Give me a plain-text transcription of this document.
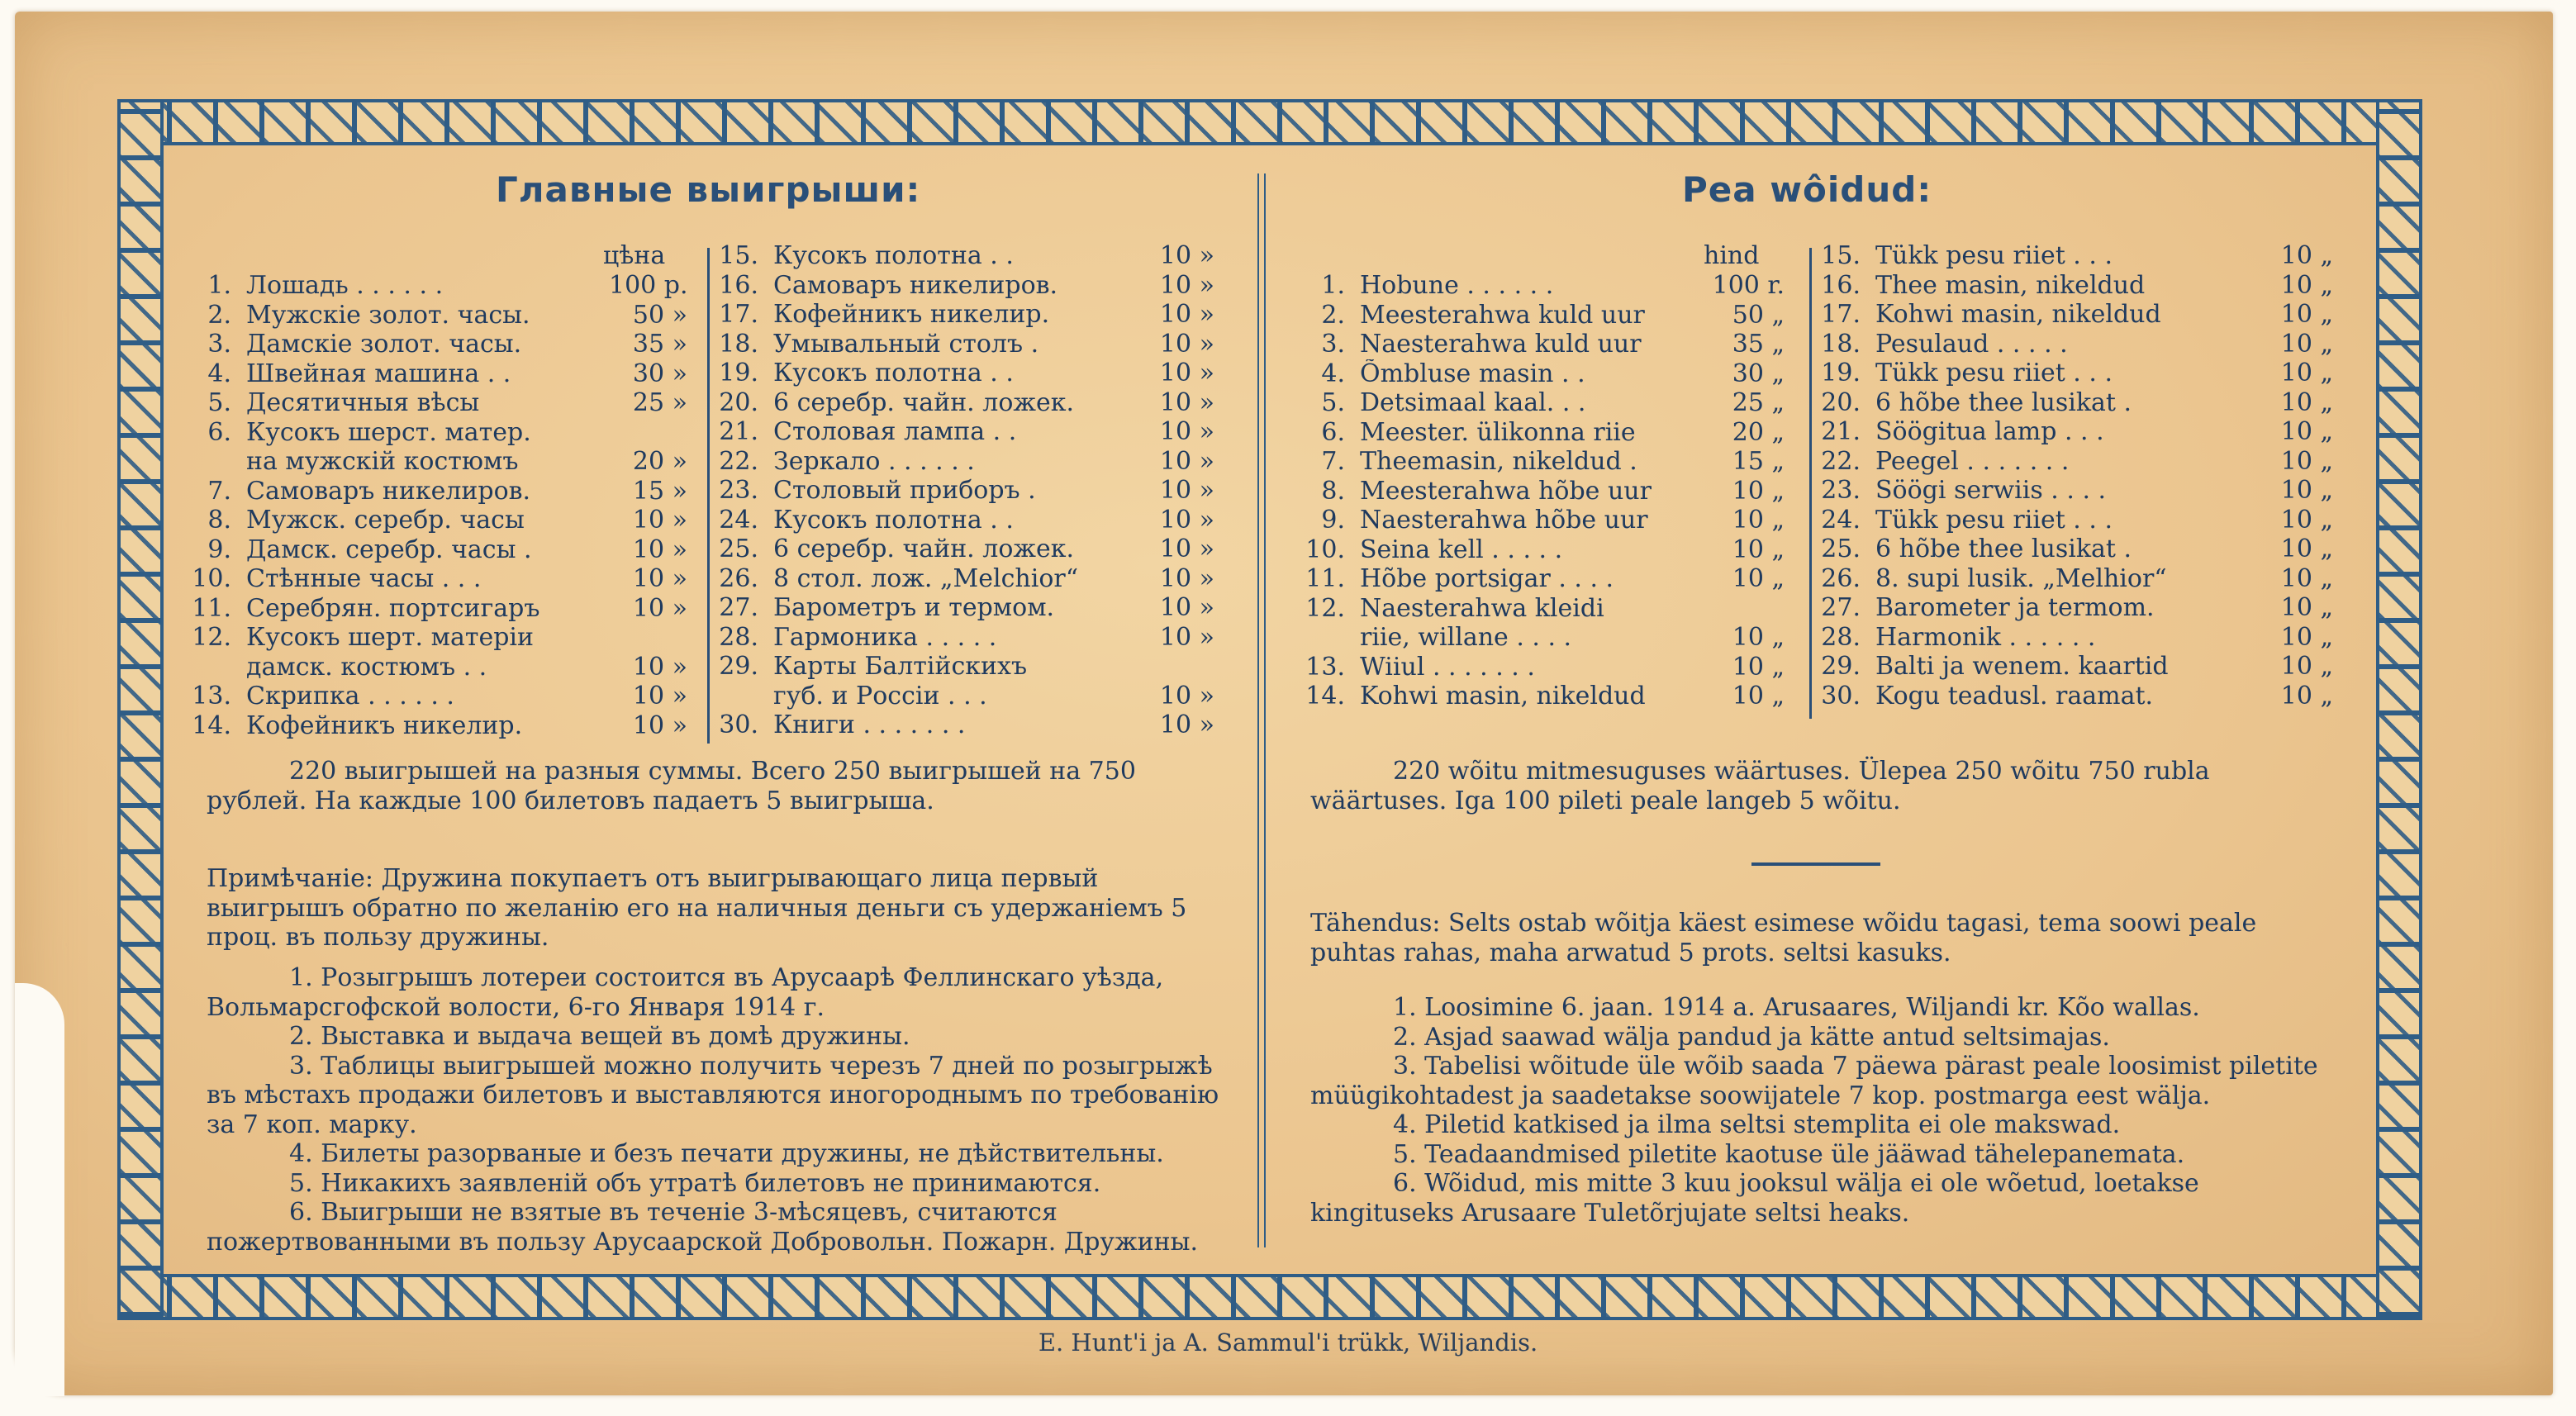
Главные выигрыши:
цѣна
1. Лошадь . . . . . .	100 р.
2. Мужскіе золот. часы.	50 »
3. Дамскіе золот. часы.	35 »
4. Швейная машина . .	30 »
5. Десятичныя вѣсы	25 »
6. Кусокъ шерст. матер.
на мужскій костюмъ	20 »
7. Самоваръ никелиров.	15 »
8. Мужск. серебр. часы	10 »
9. Дамск. серебр. часы .	10 »
10. Стѣнные часы . . .	10 »
11. Серебрян. портсигаръ	10 »
12. Кусокъ шерт. матеріи
дамск. костюмъ . .	10 »
13. Скрипка . . . . . .	10 »
14. Кофейникъ никелир.	10 »
15. Кусокъ полотна . .	10 »
16. Самоваръ никелиров.	10 »
17. Кофейникъ никелир.	10 »
18. Умывальный столъ .	10 »
19. Кусокъ полотна . .	10 »
20. 6 серебр. чайн. ложек.	10 »
21. Столовая лампа . .	10 »
22. Зеркало . . . . . .	10 »
23. Столовый приборъ .	10 »
24. Кусокъ полотна . .	10 »
25. 6 серебр. чайн. ложек.	10 »
26. 8 стол. лож. „Melchior“	10 »
27. Барометръ и термом.	10 »
28. Гармоника . . . . .	10 »
29. Карты Балтійскихъ
губ. и Россіи . . .	10 »
30. Книги . . . . . . .	10 »
220 выигрышей на разныя суммы. Всего 250 выигрышей на 750 рублей. На каждые 100 билетовъ падаетъ 5 выигрыша.
Примѣчаніе: Дружина покупаетъ отъ выигрывающаго лица первый выигрышъ обратно по желанію его на наличныя деньги съ удержаніемъ 5 проц. въ пользу дружины.

1. Розыгрышъ лотереи состоится въ Арусаарѣ Феллинскаго уѣзда, Вольмарсгофской волости, 6-го Января 1914 г.

2. Выставка и выдача вещей въ домѣ дружины.

3. Таблицы выигрышей можно получить черезъ 7 дней по розыгрыжѣ въ мѣстахъ продажи билетовъ и выставляются иногороднымъ по требованію за 7 коп. марку.

4. Билеты разорваные и безъ печати дружины, не дѣйствительны.

5. Никакихъ заявленій объ утратѣ билетовъ не принимаются.

6. Выигрыши не взятые въ теченіе 3-мѣсяцевъ, считаются пожертвованными въ пользу Арусаарской Добровольн. Пожарн. Дружины.

Pea wôidud:
hind
1. Hobune . . . . . .	100 r.
2. Meesterahwa kuld uur	50 „
3. Naesterahwa kuld uur	35 „
4. Õmbluse masin . .	30 „
5. Detsimaal kaal. . .	25 „
6. Meester. ülikonna riie	20 „
7. Theemasin, nikeldud .	15 „
8. Meesterahwa hõbe uur	10 „
9. Naesterahwa hõbe uur	10 „
10. Seina kell . . . . .	10 „
11. Hõbe portsigar . . . .	10 „
12. Naesterahwa kleidi
riie, willane . . . .	10 „
13. Wiiul . . . . . . .	10 „
14. Kohwi masin, nikeldud	10 „
15. Tükk pesu riiet . . .	10 „
16. Thee masin, nikeldud	10 „
17. Kohwi masin, nikeldud	10 „
18. Pesulaud . . . . .	10 „
19. Tükk pesu riiet . . .	10 „
20. 6 hõbe thee lusikat .	10 „
21. Söögitua lamp . . .	10 „
22. Peegel . . . . . . .	10 „
23. Söögi serwiis . . . .	10 „
24. Tükk pesu riiet . . .	10 „
25. 6 hõbe thee lusikat .	10 „
26. 8. supi lusik. „Melhior“	10 „
27. Barometer ja termom.	10 „
28. Harmonik . . . . . .	10 „
29. Balti ja wenem. kaartid	10 „
30. Kogu teadusl. raamat.	10 „
220 wõitu mitmesuguses wäärtuses. Ülepea 250 wõitu 750 rubla wäärtuses. Iga 100 pileti peale langeb 5 wõitu.
Tähendus: Selts ostab wõitja käest esimese wõidu tagasi, tema soowi peale puhtas rahas, maha arwatud 5 prots. seltsi kasuks.

1. Loosimine 6. jaan. 1914 a. Arusaares, Wiljandi kr. Kõo wallas.

2. Asjad saawad wälja pandud ja kätte antud seltsimajas.

3. Tabelisi wõitude üle wõib saada 7 päewa pärast peale loosimist piletite müügikohtadest ja saadetakse soowijatele 7 kop. postmarga eest wälja.

4. Piletid katkised ja ilma seltsi stemplita ei ole makswad.

5. Teadaandmised piletite kaotuse üle jääwad tähelepanemata.

6. Wõidud, mis mitte 3 kuu jooksul wälja ei ole wõetud, loetakse kingituseks Arusaare Tuletõrjujate seltsi heaks.

E. Hunt'i ja A. Sammul'i trükk, Wiljandis.
